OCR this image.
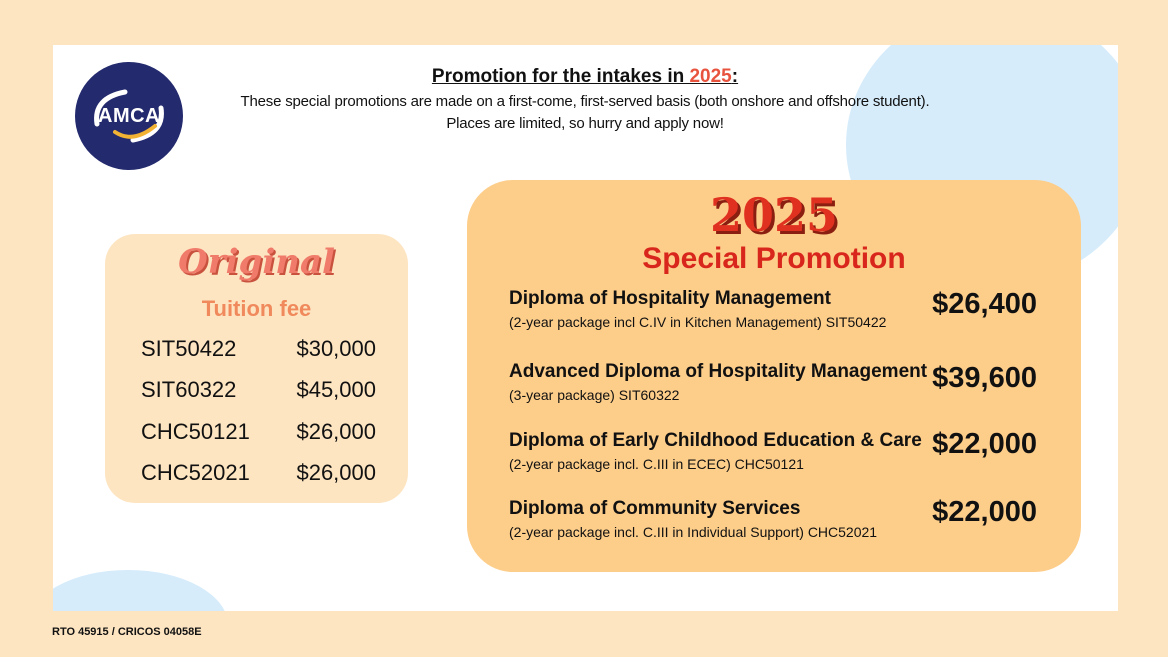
AMCA
Promotion for the intakes in 2025:
These special promotions are made on a first-come, first-served basis (both onshore and offshore student).
Places are limited, so hurry and apply now!
Original
Tuition fee
SIT50422	$30,000
SIT60322	$45,000
CHC50121 $26,000
CHC52021 $26,000
2025
Special Promotion
Diploma of Hospitality Management
(2-year package incl C.IV in Kitchen Management) SIT50422
$26,400
Advanced Diploma of Hospitality Management
(3-year package) SIT60322
$39,600
Diploma of Early Childhood Education & Care
(2-year package incl. C.III in ECEC) CHC50121
$22,000
Diploma of Community Services
(2-year package incl. C.III in Individual Support) CHC52021
$22,000
RTO 45915 / CRICOS 04058E
